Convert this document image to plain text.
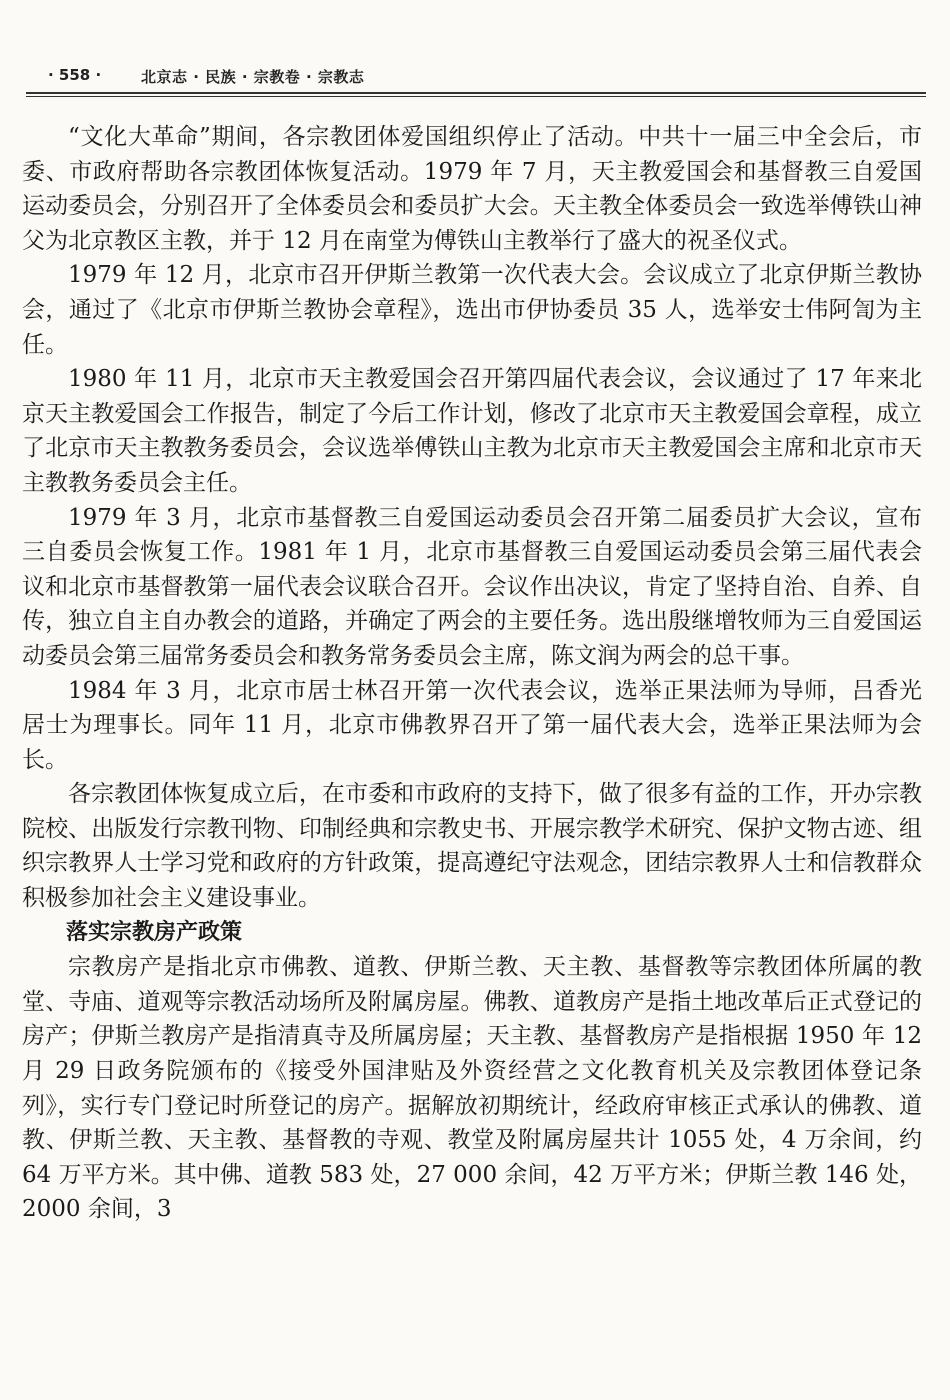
· 558 ·	北京志 · 民族 · 宗教卷 · 宗教志

“文化大革命”期间，各宗教团体爱国组织停止了活动。中共十一届三中全会后，市委、市政府帮助各宗教团体恢复活动。1979 年 7 月，天主教爱国会和基督教三自爱国运动委员会，分别召开了全体委员会和委员扩大会。天主教全体委员会一致选举傅铁山神父为北京教区主教，并于 12 月在南堂为傅铁山主教举行了盛大的祝圣仪式。

1979 年 12 月，北京市召开伊斯兰教第一次代表大会。会议成立了北京伊斯兰教协会，通过了《北京市伊斯兰教协会章程》，选出市伊协委员 35 人，选举安士伟阿訇为主任。

1980 年 11 月，北京市天主教爱国会召开第四届代表会议，会议通过了 17 年来北京天主教爱国会工作报告，制定了今后工作计划，修改了北京市天主教爱国会章程，成立了北京市天主教教务委员会，会议选举傅铁山主教为北京市天主教爱国会主席和北京市天主教教务委员会主任。

1979 年 3 月，北京市基督教三自爱国运动委员会召开第二届委员扩大会议，宣布三自委员会恢复工作。1981 年 1 月，北京市基督教三自爱国运动委员会第三届代表会议和北京市基督教第一届代表会议联合召开。会议作出决议，肯定了坚持自治、自养、自传，独立自主自办教会的道路，并确定了两会的主要任务。选出殷继增牧师为三自爱国运动委员会第三届常务委员会和教务常务委员会主席，陈文润为两会的总干事。

1984 年 3 月，北京市居士林召开第一次代表会议，选举正果法师为导师，吕香光居士为理事长。同年 11 月，北京市佛教界召开了第一届代表大会，选举正果法师为会长。

各宗教团体恢复成立后，在市委和市政府的支持下，做了很多有益的工作，开办宗教院校、出版发行宗教刊物、印制经典和宗教史书、开展宗教学术研究、保护文物古迹、组织宗教界人士学习党和政府的方针政策，提高遵纪守法观念，团结宗教界人士和信教群众积极参加社会主义建设事业。

落实宗教房产政策

宗教房产是指北京市佛教、道教、伊斯兰教、天主教、基督教等宗教团体所属的教堂、寺庙、道观等宗教活动场所及附属房屋。佛教、道教房产是指土地改革后正式登记的房产；伊斯兰教房产是指清真寺及所属房屋；天主教、基督教房产是指根据 1950 年 12 月 29 日政务院颁布的《接受外国津贴及外资经营之文化教育机关及宗教团体登记条列》，实行专门登记时所登记的房产。据解放初期统计，经政府审核正式承认的佛教、道教、伊斯兰教、天主教、基督教的寺观、教堂及附属房屋共计 1055 处，4 万余间，约 64 万平方米。其中佛、道教 583 处，27 000 余间，42 万平方米；伊斯兰教 146 处，2000 余间，3
